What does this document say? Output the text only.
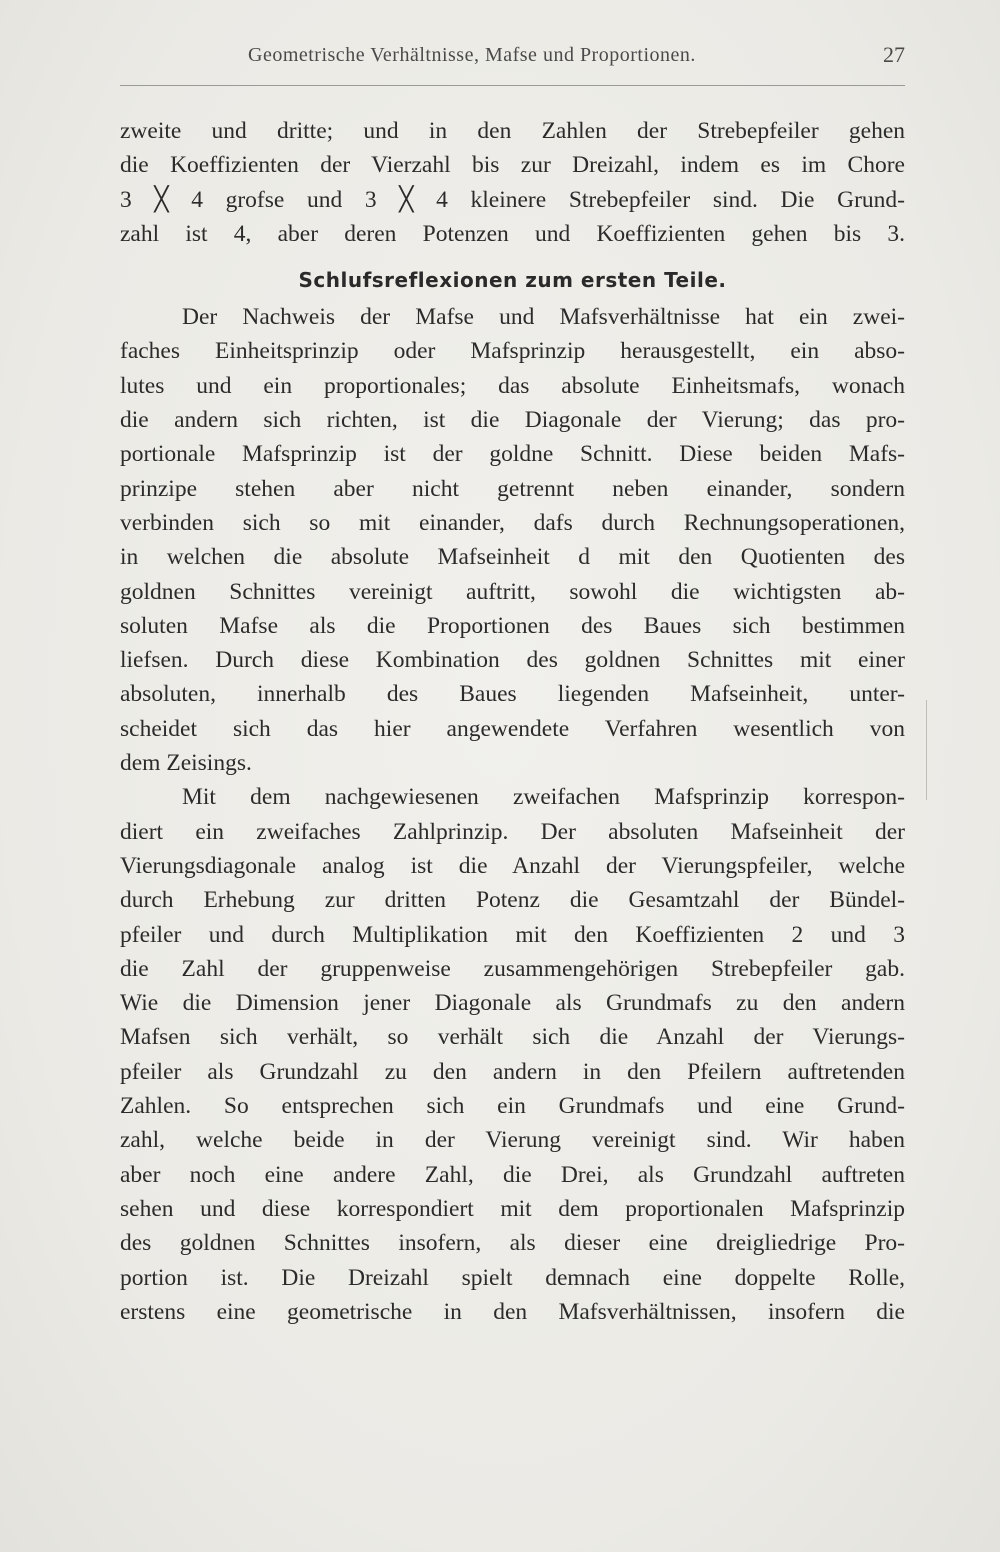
Geometrische Verhältnisse, Mafse und Proportionen.	27
zweite und dritte; und in den Zahlen der Strebepfeiler gehen
die Koeffizienten der Vierzahl bis zur Dreizahl, indem es im Chore
3 ╳ 4 grofse und 3 ╳ 4 kleinere Strebepfeiler sind. Die Grund-
zahl ist 4, aber deren Potenzen und Koeffizienten gehen bis 3.
Schlufsreflexionen zum ersten Teile.
Der Nachweis der Mafse und Mafsverhältnisse hat ein zwei-
faches Einheitsprinzip oder Mafsprinzip herausgestellt, ein abso-
lutes und ein proportionales; das absolute Einheitsmafs, wonach
die andern sich richten, ist die Diagonale der Vierung; das pro-
portionale Mafsprinzip ist der goldne Schnitt. Diese beiden Mafs-
prinzipe stehen aber nicht getrennt neben einander, sondern
verbinden sich so mit einander, dafs durch Rechnungsoperationen,
in welchen die absolute Mafseinheit d mit den Quotienten des
goldnen Schnittes vereinigt auftritt, sowohl die wichtigsten ab-
soluten Mafse als die Proportionen des Baues sich bestimmen
liefsen. Durch diese Kombination des goldnen Schnittes mit einer
absoluten, innerhalb des Baues liegenden Mafseinheit, unter-
scheidet sich das hier angewendete Verfahren wesentlich von
dem Zeisings.
Mit dem nachgewiesenen zweifachen Mafsprinzip korrespon-
diert ein zweifaches Zahlprinzip. Der absoluten Mafseinheit der
Vierungsdiagonale analog ist die Anzahl der Vierungspfeiler, welche
durch Erhebung zur dritten Potenz die Gesamtzahl der Bündel-
pfeiler und durch Multiplikation mit den Koeffizienten 2 und 3
die Zahl der gruppenweise zusammengehörigen Strebepfeiler gab.
Wie die Dimension jener Diagonale als Grundmafs zu den andern
Mafsen sich verhält, so verhält sich die Anzahl der Vierungs-
pfeiler als Grundzahl zu den andern in den Pfeilern auftretenden
Zahlen. So entsprechen sich ein Grundmafs und eine Grund-
zahl, welche beide in der Vierung vereinigt sind. Wir haben
aber noch eine andere Zahl, die Drei, als Grundzahl auftreten
sehen und diese korrespondiert mit dem proportionalen Mafsprinzip
des goldnen Schnittes insofern, als dieser eine dreigliedrige Pro-
portion ist. Die Dreizahl spielt demnach eine doppelte Rolle,
erstens eine geometrische in den Mafsverhältnissen, insofern die
